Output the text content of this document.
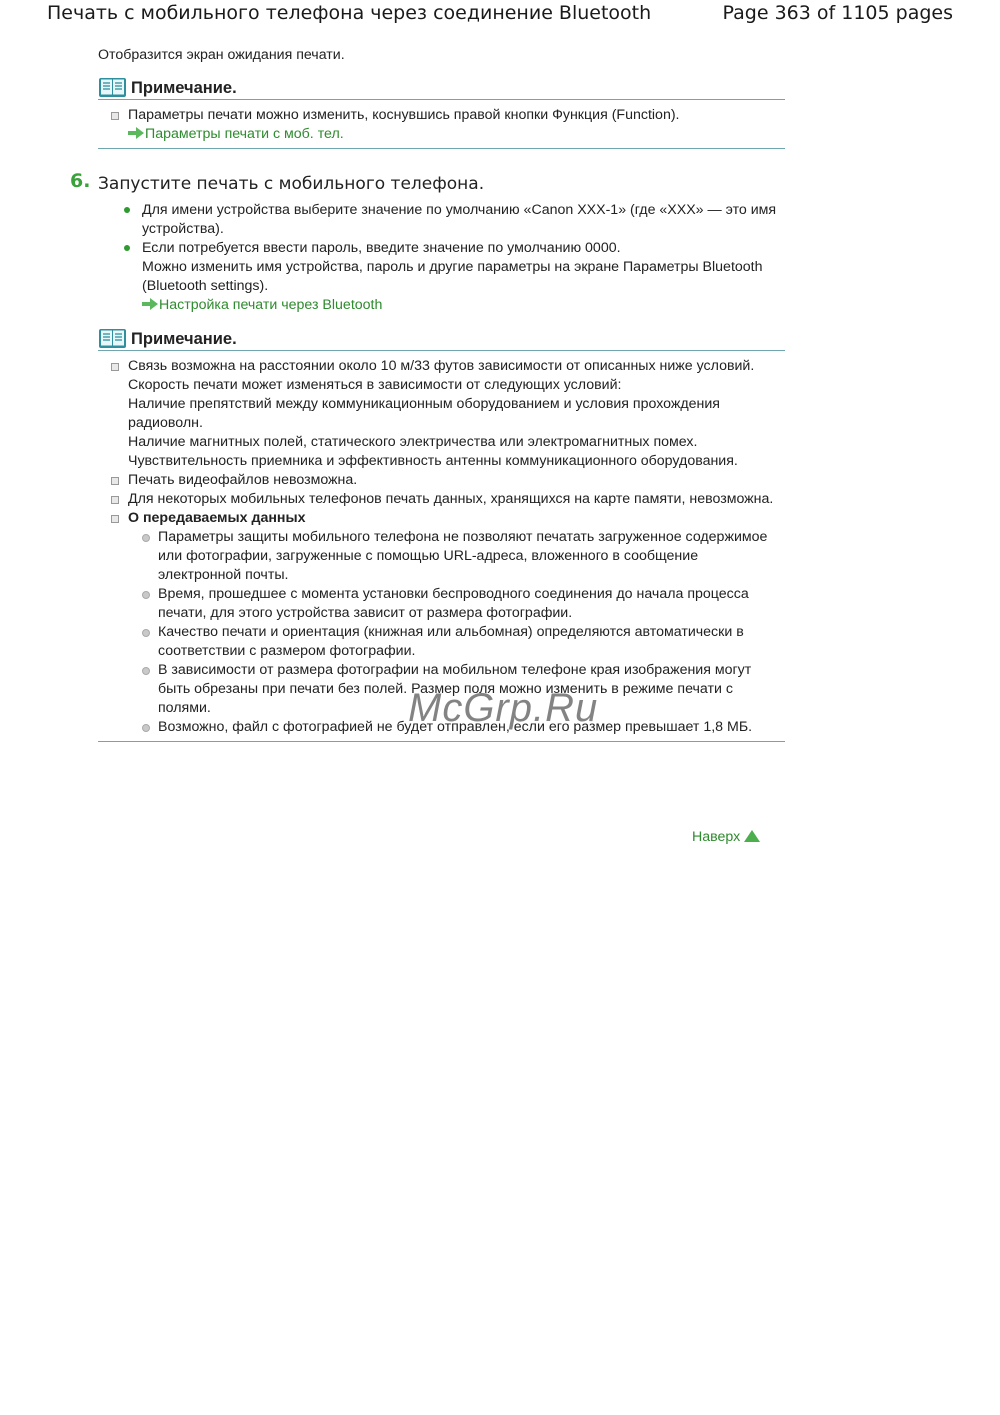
Печать с мобильного телефона через соединение Bluetooth	Page 363 of 1105 pages

Отобразится экран ожидания печати.

Примечание.
Параметры печати можно изменить, коснувшись правой кнопки Функция (Function).
Параметры печати с моб. тел.
6. Запустите печать с мобильного телефона.
Для имени устройства выберите значение по умолчанию «Canon XXX-1» (где «XXX» — это имя устройства).
Если потребуется ввести пароль, введите значение по умолчанию 0000.
Можно изменить имя устройства, пароль и другие параметры на экране Параметры Bluetooth (Bluetooth settings).
Настройка печати через Bluetooth
Примечание.
Связь возможна на расстоянии около 10 м/33 футов зависимости от описанных ниже условий. Скорость печати может изменяться в зависимости от следующих условий:
Наличие препятствий между коммуникационным оборудованием и условия прохождения радиоволн.
Наличие магнитных полей, статического электричества или электромагнитных помех.
Чувствительность приемника и эффективность антенны коммуникационного оборудования.
Печать видеофайлов невозможна.
Для некоторых мобильных телефонов печать данных, хранящихся на карте памяти, невозможна.
О передаваемых данных
Параметры защиты мобильного телефона не позволяют печатать загруженное содержимое или фотографии, загруженные с помощью URL-адреса, вложенного в сообщение электронной почты.
Время, прошедшее с момента установки беспроводного соединения до начала процесса печати, для этого устройства зависит от размера фотографии.
Качество печати и ориентация (книжная или альбомная) определяются автоматически в соответствии с размером фотографии.
В зависимости от размера фотографии на мобильном телефоне края изображения могут быть обрезаны при печати без полей. Размер поля можно изменить в режиме печати с полями.
Возможно, файл с фотографией не будет отправлен, если его размер превышает 1,8 МБ.
Наверх
McGrp.Ru
